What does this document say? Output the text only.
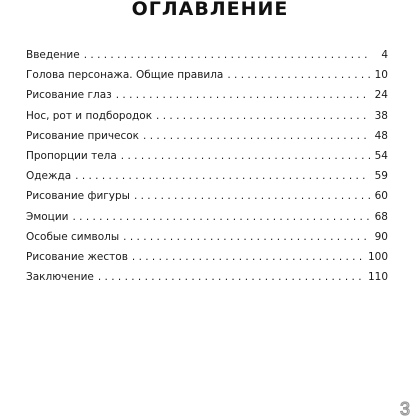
ОГЛАВЛЕНИЕ
Введение . . .	4
Голова персонажа. Общие правила . . .	10
Рисование глаз . . .	24
Нос, рот и подбородок . . .	38
Рисование причесок . . .	48
Пропорции тела . . .	54
Одежда . . .	59
Рисование фигуры . . .	60
Эмоции . . .	68
Особые символы . . .	90
Рисование жестов . . .	100
Заключение . . .	110
3
